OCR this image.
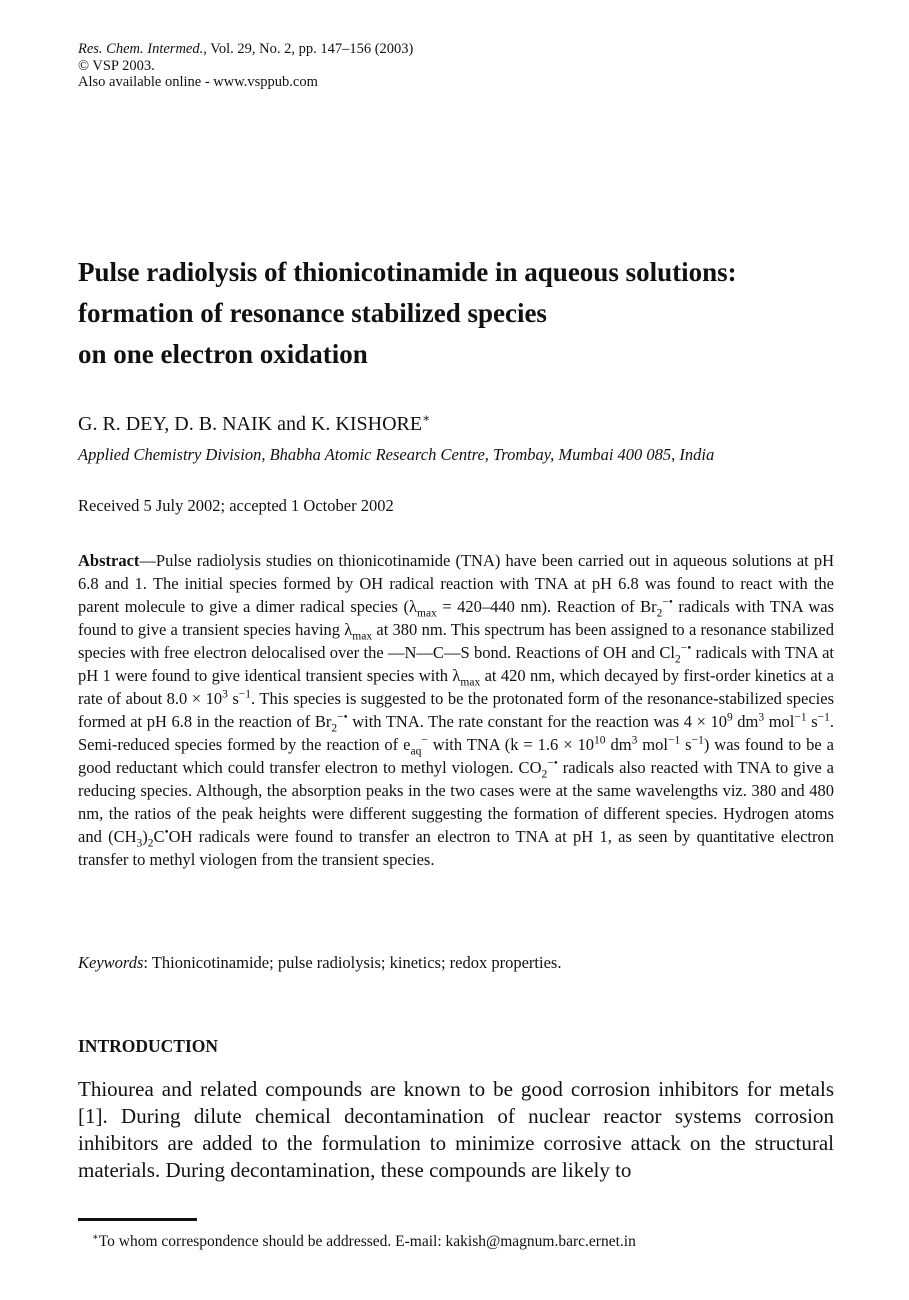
Res. Chem. Intermed., Vol. 29, No. 2, pp. 147–156 (2003)
© VSP 2003.
Also available online - www.vsppub.com
Pulse radiolysis of thionicotinamide in aqueous solutions:
formation of resonance stabilized species
on one electron oxidation
G. R. DEY, D. B. NAIK and K. KISHORE∗
Applied Chemistry Division, Bhabha Atomic Research Centre, Trombay, Mumbai 400 085, India
Received 5 July 2002; accepted 1 October 2002
Abstract—Pulse radiolysis studies on thionicotinamide (TNA) have been carried out in aqueous solutions at pH 6.8 and 1. The initial species formed by OH radical reaction with TNA at pH 6.8 was found to react with the parent molecule to give a dimer radical species ($\lambda_{max} = 420-440$ nm). Reaction of $Br_2^{-•}$ radicals with TNA was found to give a transient species having $\lambda_{max}$ at 380 nm. This spectrum has been assigned to a resonance stabilized species with free electron delocalised over the —N—C—S bond. Reactions of OH and $Cl_2^{-•}$ radicals with TNA at pH 1 were found to give identical transient species with $\lambda_{max}$ at 420 nm, which decayed by first-order kinetics at a rate of about $8.0 \times 10^3$ $s^{-1}$. This species is suggested to be the protonated form of the resonance-stabilized species formed at pH 6.8 in the reaction of $Br_2^{-•}$ with TNA. The rate constant for the reaction was $4 \times 10^9$ $dm^3$ mol$^{-1}$ $s^{-1}$. Semi-reduced species formed by the reaction of $e_{aq}^-$ with TNA ($k = 1.6 \times 10^{10}$ $dm^3$ mol$^{-1}$ $s^{-1}$) was found to be a good reductant which could transfer electron to methyl viologen. $CO_2^{-•}$ radicals also reacted with TNA to give a reducing species. Although, the absorption peaks in the two cases were at the same wavelengths viz. 380 and 480 nm, the ratios of the peak heights were different suggesting the formation of different species. Hydrogen atoms and $(CH_3)_2C^•OH$ radicals were found to transfer an electron to TNA at pH 1, as seen by quantitative electron transfer to methyl viologen from the transient species.
Keywords: Thionicotinamide; pulse radiolysis; kinetics; redox properties.
INTRODUCTION
Thiourea and related compounds are known to be good corrosion inhibitors for metals [1]. During dilute chemical decontamination of nuclear reactor systems corrosion inhibitors are added to the formulation to minimize corrosive attack on the structural materials. During decontamination, these compounds are likely to
∗To whom correspondence should be addressed. E-mail: kakish@magnum.barc.ernet.in
